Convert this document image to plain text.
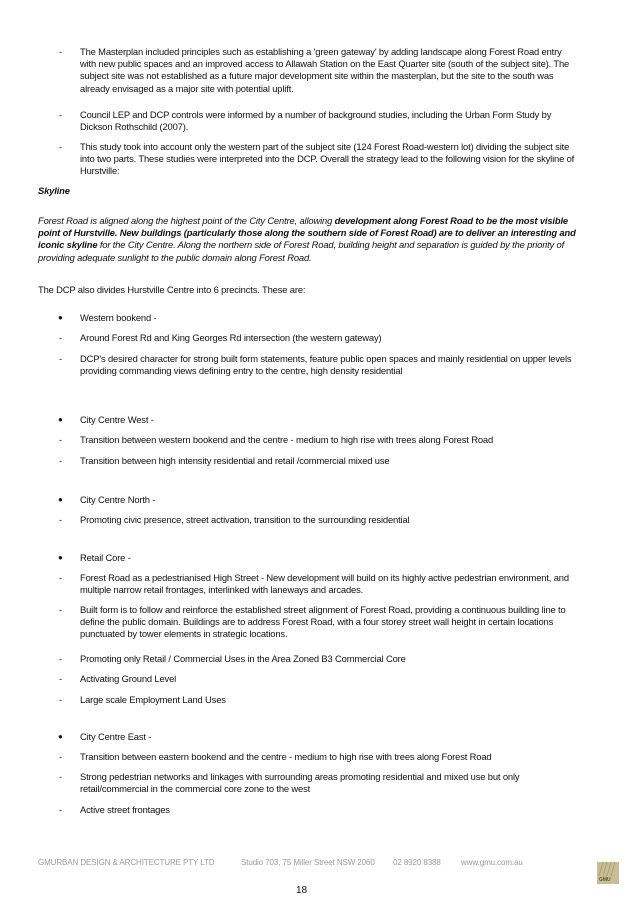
- The Masterplan included principles such as establishing a 'green gateway' by adding landscape along Forest Road entry with new public spaces and an improved access to Allawah Station on the East Quarter site (south of the subject site). The subject site was not established as a future major development site within the masterplan, but the site to the south was already envisaged as a major site with potential uplift.
- Council LEP and DCP controls were informed by a number of background studies, including the Urban Form Study by Dickson Rothschild (2007).
- This study took into account only the western part of the subject site (124 Forest Road-western lot) dividing the subject site into two parts. These studies were interpreted into the DCP. Overall the strategy lead to the following vision for the skyline of Hurstville:
Skyline
Forest Road is aligned along the highest point of the City Centre, allowing development along Forest Road to be the most visible point of Hurstville. New buildings (particularly those along the southern side of Forest Road) are to deliver an interesting and iconic skyline for the City Centre. Along the northern side of Forest Road, building height and separation is guided by the priority of providing adequate sunlight to the public domain along Forest Road.
The DCP also divides Hurstville Centre into 6 precincts. These are:
● Western bookend -
- Around Forest Rd and King Georges Rd intersection (the western gateway)
- DCP's desired character for strong built form statements, feature public open spaces and mainly residential on upper levels providing commanding views defining entry to the centre, high density residential
● City Centre West -
- Transition between western bookend and the centre - medium to high rise with trees along Forest Road
- Transition between high intensity residential and retail /commercial mixed use
● City Centre North -
- Promoting civic presence, street activation, transition to the surrounding residential
● Retail Core -
- Forest Road as a pedestrianised High Street - New development will build on its highly active pedestrian environment, and multiple narrow retail frontages, interlinked with laneways and arcades.
- Built form is to follow and reinforce the established street alignment of Forest Road, providing a continuous building line to define the public domain. Buildings are to address Forest Road, with a four storey street wall height in certain locations punctuated by tower elements in strategic locations.
- Promoting only Retail / Commercial Uses in the Area Zoned B3 Commercial Core
- Activating Ground Level
- Large scale Employment Land Uses
● City Centre East -
- Transition between eastern bookend and the centre - medium to high rise with trees along Forest Road
- Strong pedestrian networks and linkages with surrounding areas promoting residential and mixed use but only retail/commercial in the commercial core zone to the west
- Active street frontages
GMURBAN DESIGN & ARCHITECTURE PTY LTD	Studio 703, 75 Miller Street NSW 2060 02 8920 8388	www.gmu.com.au
18
GMU
